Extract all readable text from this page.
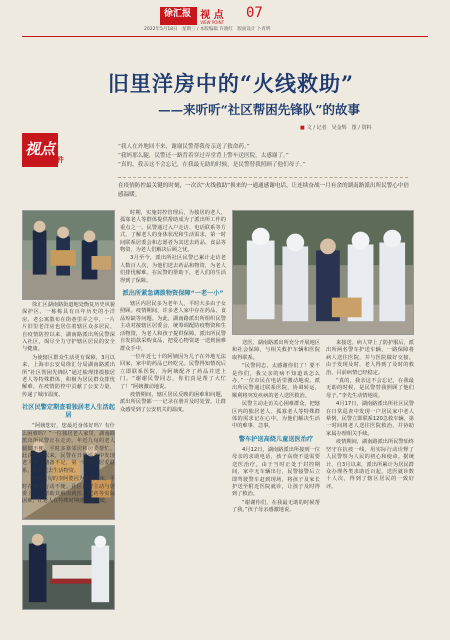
徐汇报
XUHUI NEWS 视 点
VIEW POINT
07
2022年5月18日　星期三 / 本版编辑 许晓红　版面设计 卜青明
旧里洋房中的“火线救助”
——来听听“社区帮困先锋队”的故事
■ 文 / 记者　吴金辉　图 / 资料
视点
事件
“我人在外地回不来，谢谢民警帮我母亲送了救命药。”
“我妈那么腿，民警还一路背着穿过弄堂背上警车送医院，太感谢了。”
“真的，我亲这不会忘记，在我最无助的时候，是民警替我照顾了他们母子。”
在疫情防控最关键的时刻，一次次“火线救助”换来的一通通感谢电话，让连续奋战一月有余的湖南路派出所民警心中倍感温暖。

徐汇区湖南路街道地处衡复历史风貌保护区，一栋栋具有百年历史的小洋房、老公寓散布在街巷里弄之中，一片片旧里老洋房也居住着辖区众多居民。自疫情防控以来，湖南路派出所民警深入社区，竭尽全力守护辖区居民的安全与健康。

为使辖区群众生活更有保障，3月以来，上海市公安局徐汇分局湖南路派出所“社区帮困先锋队”通过梳理排摸独居老人等特殊群体，积极为居民群众排忧解难，在疫情防控中贡献了公安力量，传递了城市温度。

社区民警定期查看独居老人生活起居

“阿姨您好，您最近身体好吗？有什么困难吗？”一位独居老人家里，湖南路派出所民警正在走访。年近九旬的老人腿脚不便，平时多靠邻居和居委帮忙。此次封控以来，民警在日常巡查中发现老人家中储备不足，第一时间与居委联系，为其送去生活物资。

年过七旬的李阿婆因为疾病卧床，平时在家中行动不便。社区民警主动与居委上门，帮助其解决就医、配药等实际困难，让老人在特殊时期感受到温暖。

时期，实施封控管理后，为独居的老人、孤寡老人等群体提供帮助成为了派出所工作的重点之一。民警通过入户走访、电话联系等方式，了解老人的身体状况和生活需求，第一时间联系居委会和志愿者为其送去药品、食品等物资，为老人们解决后顾之忧。

3月至今，派出所社区民警已累计走访老人数百人次，为他们送去药品和物资，为老人们排忧解难。在民警的帮助下，老人们的生活得到了保障。

派出所紧急调拨物资保障“一老一小”

辖区内居民多为老年人，平时大多由子女照顾。疫情期间，许多老人家中存在药品、食品短缺等问题。为此，湖南路派出所组织民警主动对接辖区居委会，统筹调配防疫物资和生活物资，为老人和孩子提供保障。派出所民警自发捐款采购食品，把爱心物资逐一送到困难群众手中。

一位年近七十的阿姨因为儿子在外地无法回家，家中的药品已经吃完。民警得知情况后立即联系医院，为阿姨配齐了药品并送上门。“谢谢民警同志，你们真是帮了大忙了！”阿姨激动地说。

疫情期间，辖区居民反映的困难和问题，派出所民警都一一记录在册并及时处置，让群众感受到了公安机关的温度。

送医，湖南路派出所充分开展地区和社会保障，与相关救护车辆和医院取得联系。

“民警同志，太感谢你们了！要不是你们，我父亲的病不知道该怎么办。”一位市民在电话里激动地说。派出所民警通过联系医院，协调转运，顺利将突发疾病的老人送医救治。

民警主动走访关心困难群众，把辖区内的独居老人、孤寡老人等特殊群体的需求记在心中，为他们解决生活中的难事、急事。

警车护送高烧儿童送医治疗

4月12日，湖南路派出所接到一位母亲的求助电话，孩子高烧不退需要送医治疗。由于当时正处于封控期间，家中无车辆出行，民警接警后立即驾驶警车赶到现场，将孩子及家长护送至附近医院就诊，让孩子及时得到了救治。

“谢谢你们，在我最无助的时候帮了我。”孩子母亲感激地说。

来接送。病人穿上了防护服后，派出所两名警车护送车辆，一路保障将病人送往医院，并与医院做好交接。由于发现及时，老人得到了及时的救治，目前病情已经稳定。

“真的，我亲这不会忘记，在我最无助的时候，是民警替我照顾了他们母子。”李先生动情地说。

4月17日，湖南路派出所社区民警在日常巡查中发现一户居民家中老人晕倒，民警立即联系120急救车辆，第一时间将老人送往医院救治，并协助家属办理相关手续。

疫情期间，湖南路派出所民警始终坚守在抗疫一线，用实际行动诠释了人民警察为人民的初心和使命。据统计，自3月以来，派出所累计为居民群众办理各类求助近百起，送医就诊数十人次，得到了辖区居民的一致好评。
